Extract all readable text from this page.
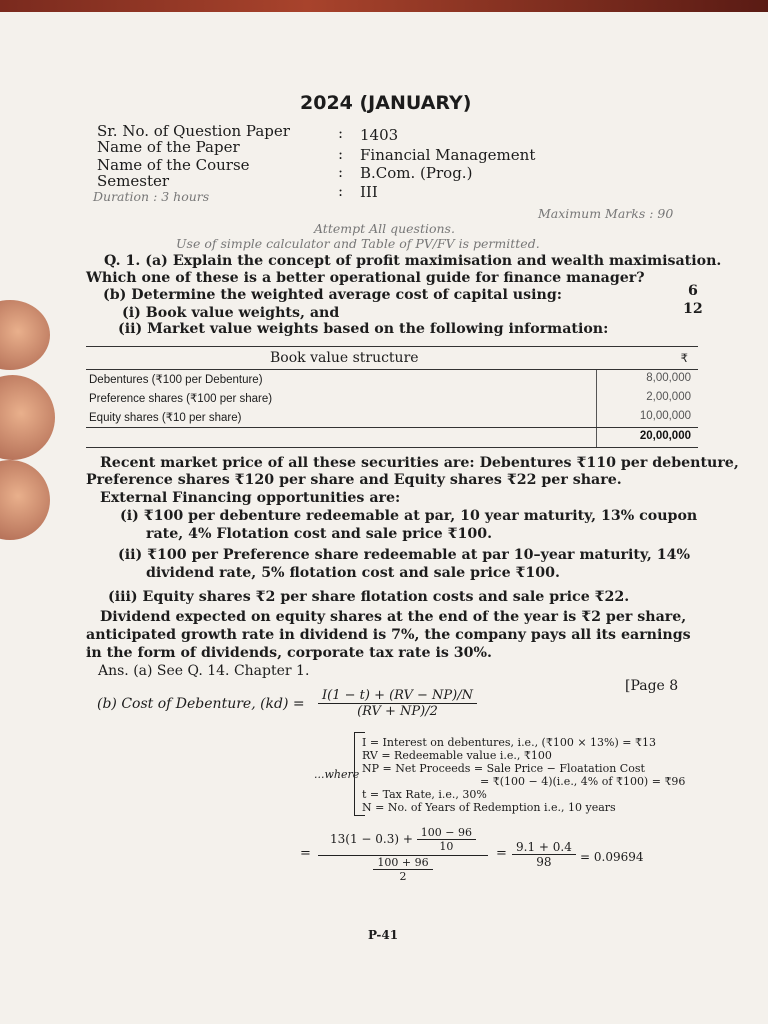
2024 (JANUARY)
Sr. No. of Question Paper	: 1403
Name of the Paper	: Financial Management
Name of the Course	: B.Com. (Prog.)
Semester
: III
Duration : 3 hours
Maximum Marks : 90
Attempt All questions.
Use of simple calculator and Table of PV/FV is permitted.
Q. 1. (a) Explain the concept of profit maximisation and wealth maximisation.
Which one of these is a better operational guide for finance manager?
6
(b) Determine the weighted average cost of capital using:
12
(i) Book value weights, and
(ii) Market value weights based on the following information:
Book value structure	₹
Debentures (₹100 per Debenture)	8,00,000
Preference shares (₹100 per share)	2,00,000
Equity shares (₹10 per share)	10,00,000
20,00,000
Recent market price of all these securities are: Debentures ₹110 per debenture,
Preference shares ₹120 per share and Equity shares ₹22 per share.
External Financing opportunities are:
(i) ₹100 per debenture redeemable at par, 10 year maturity, 13% coupon
rate, 4% Flotation cost and sale price ₹100.
(ii) ₹100 per Preference share redeemable at par 10–year maturity, 14%
dividend rate, 5% flotation cost and sale price ₹100.
(iii) Equity shares ₹2 per share flotation costs and sale price ₹22.
Dividend expected on equity shares at the end of the year is ₹2 per share,
anticipated growth rate in dividend is 7%, the company pays all its earnings
in the form of dividends, corporate tax rate is 30%.
Ans. (a) See Q. 14. Chapter 1.
[Page 8
(b) Cost of Debenture, $(kd) = \frac{I(1 - t) + (RV - NP)/N}{(RV + NP)/2}$
...where
I = Interest on debentures, i.e., (₹100 × 13%) = ₹13
RV = Redeemable value i.e., ₹100
NP = Net Proceeds = Sale Price − Floatation Cost
= ₹(100 − 4)(i.e., 4% of ₹100) = ₹96
t = Tax Rate, i.e., 30%
N = No. of Years of Redemption i.e., 10 years
= $\frac{13(1 - 0.3) + \frac{100 - 96}{10}}{\frac{100 + 96}{2}} = \frac{9.1 + 0.4}{98} = 0.09694$
P-41
